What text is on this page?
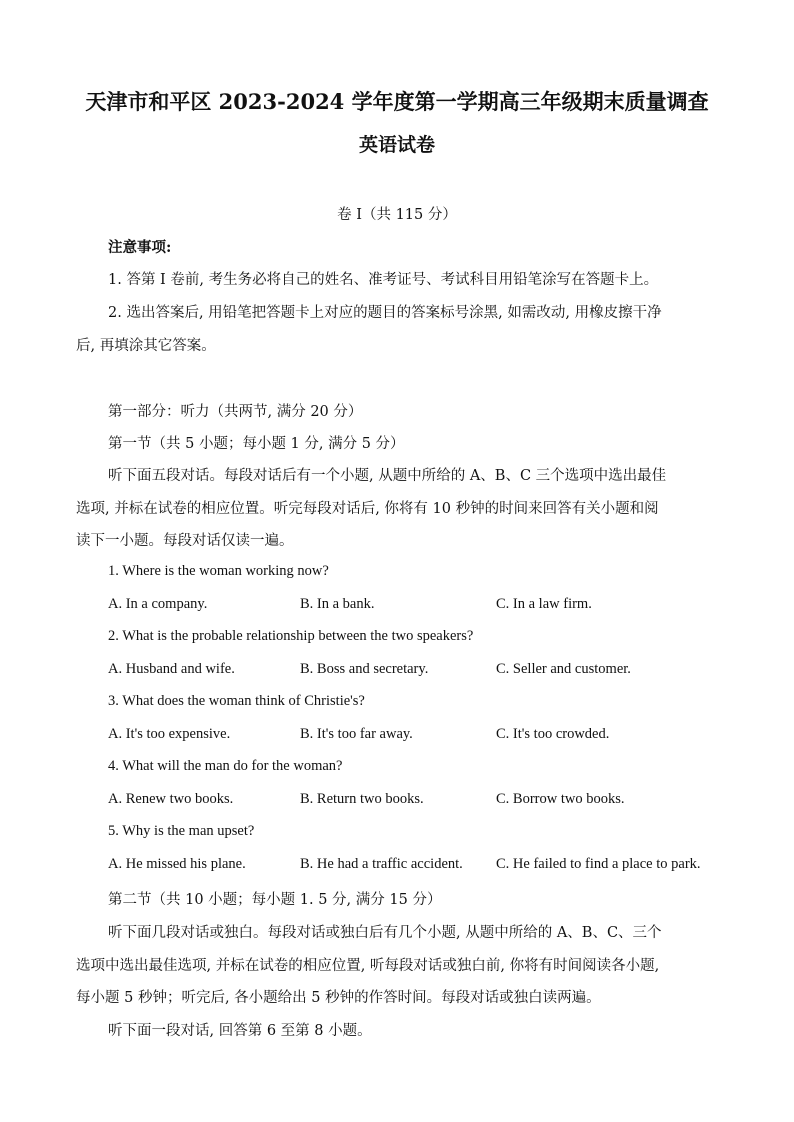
天津市和平区 2023-2024 学年度第一学期高三年级期末质量调查
英语试卷
卷 I（共 115 分）
注意事项:
1. 答第 I 卷前, 考生务必将自己的姓名、准考证号、考试科目用铅笔涂写在答题卡上。
2. 选出答案后, 用铅笔把答题卡上对应的题目的答案标号涂黑, 如需改动, 用橡皮擦干净
后, 再填涂其它答案。
第一部分：听力（共两节, 满分 20 分）
第一节（共 5 小题；每小题 1 分, 满分 5 分）
听下面五段对话。每段对话后有一个小题, 从题中所给的 A、B、C 三个选项中选出最佳
选项, 并标在试卷的相应位置。听完每段对话后, 你将有 10 秒钟的时间来回答有关小题和阅
读下一小题。每段对话仅读一遍。
1. Where is the woman working now?
A. In a company.	B. In a bank.	C. In a law firm.
2. What is the probable relationship between the two speakers?
A. Husband and wife.	B. Boss and secretary.	C. Seller and customer.
3. What does the woman think of Christie's?
A. It's too expensive.	B. It's too far away.	C. It's too crowded.
4. What will the man do for the woman?
A. Renew two books.	B. Return two books.	C. Borrow two books.
5. Why is the man upset?
A. He missed his plane.	B. He had a traffic accident. C. He failed to find a place to park.
第二节（共 10 小题；每小题 1. 5 分, 满分 15 分）
听下面几段对话或独白。每段对话或独白后有几个小题, 从题中所给的 A、B、C、三个
选项中选出最佳选项, 并标在试卷的相应位置, 听每段对话或独白前, 你将有时间阅读各小题,
每小题 5 秒钟；听完后, 各小题给出 5 秒钟的作答时间。每段对话或独白读两遍。
听下面一段对话, 回答第 6 至第 8 小题。
